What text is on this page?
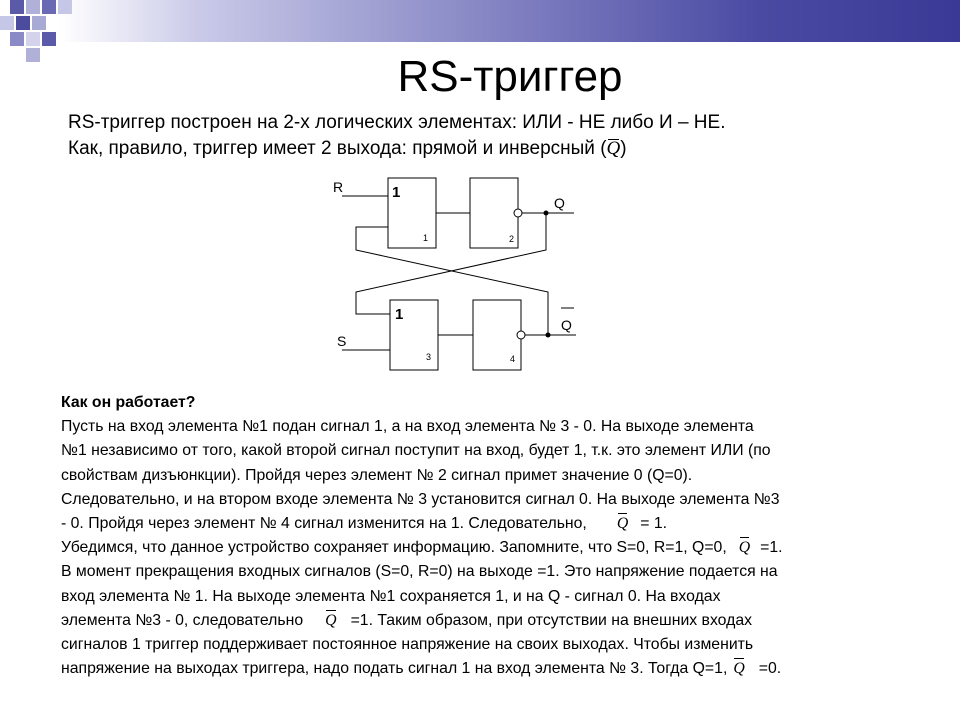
RS-триггер
RS-триггер построен на 2-х логических элементах: ИЛИ - НЕ либо И – НЕ.
Как, правило, триггер имеет 2 выхода: прямой и инверсный (Q)
R
S
Q
Q
1
1
1	2
3	4

Как он работает?

Пусть на вход элемента №1 подан сигнал 1, а на вход элемента № 3 - 0. На выходе элемента

№1 независимо от того, какой второй сигнал поступит на вход, будет 1, т.к. это элемент ИЛИ (по

свойствам дизъюнкции). Пройдя через элемент № 2 сигнал примет значение 0 (Q=0).

Следовательно, и на втором входе элемента № 3 установится сигнал 0. На выходе элемента №3

- 0. Пройдя через элемент № 4 сигнал изменится на 1. Следовательно, Q = 1.

Убедимся, что данное устройство сохраняет информацию. Запомните, что S=0, R=1, Q=0, Q =1.

В момент прекращения входных сигналов (S=0, R=0) на выходе =1. Это напряжение подается на

вход элемента № 1. На выходе элемента №1 сохраняется 1, и на Q - сигнал 0. На входах

элемента №3 - 0, следовательно Q =1. Таким образом, при отсутствии на внешних входах

сигналов 1 триггер поддерживает постоянное напряжение на своих выходах. Чтобы изменить

напряжение на выходах триггера, надо подать сигнал 1 на вход элемента № 3. Тогда Q=1, Q =0.
